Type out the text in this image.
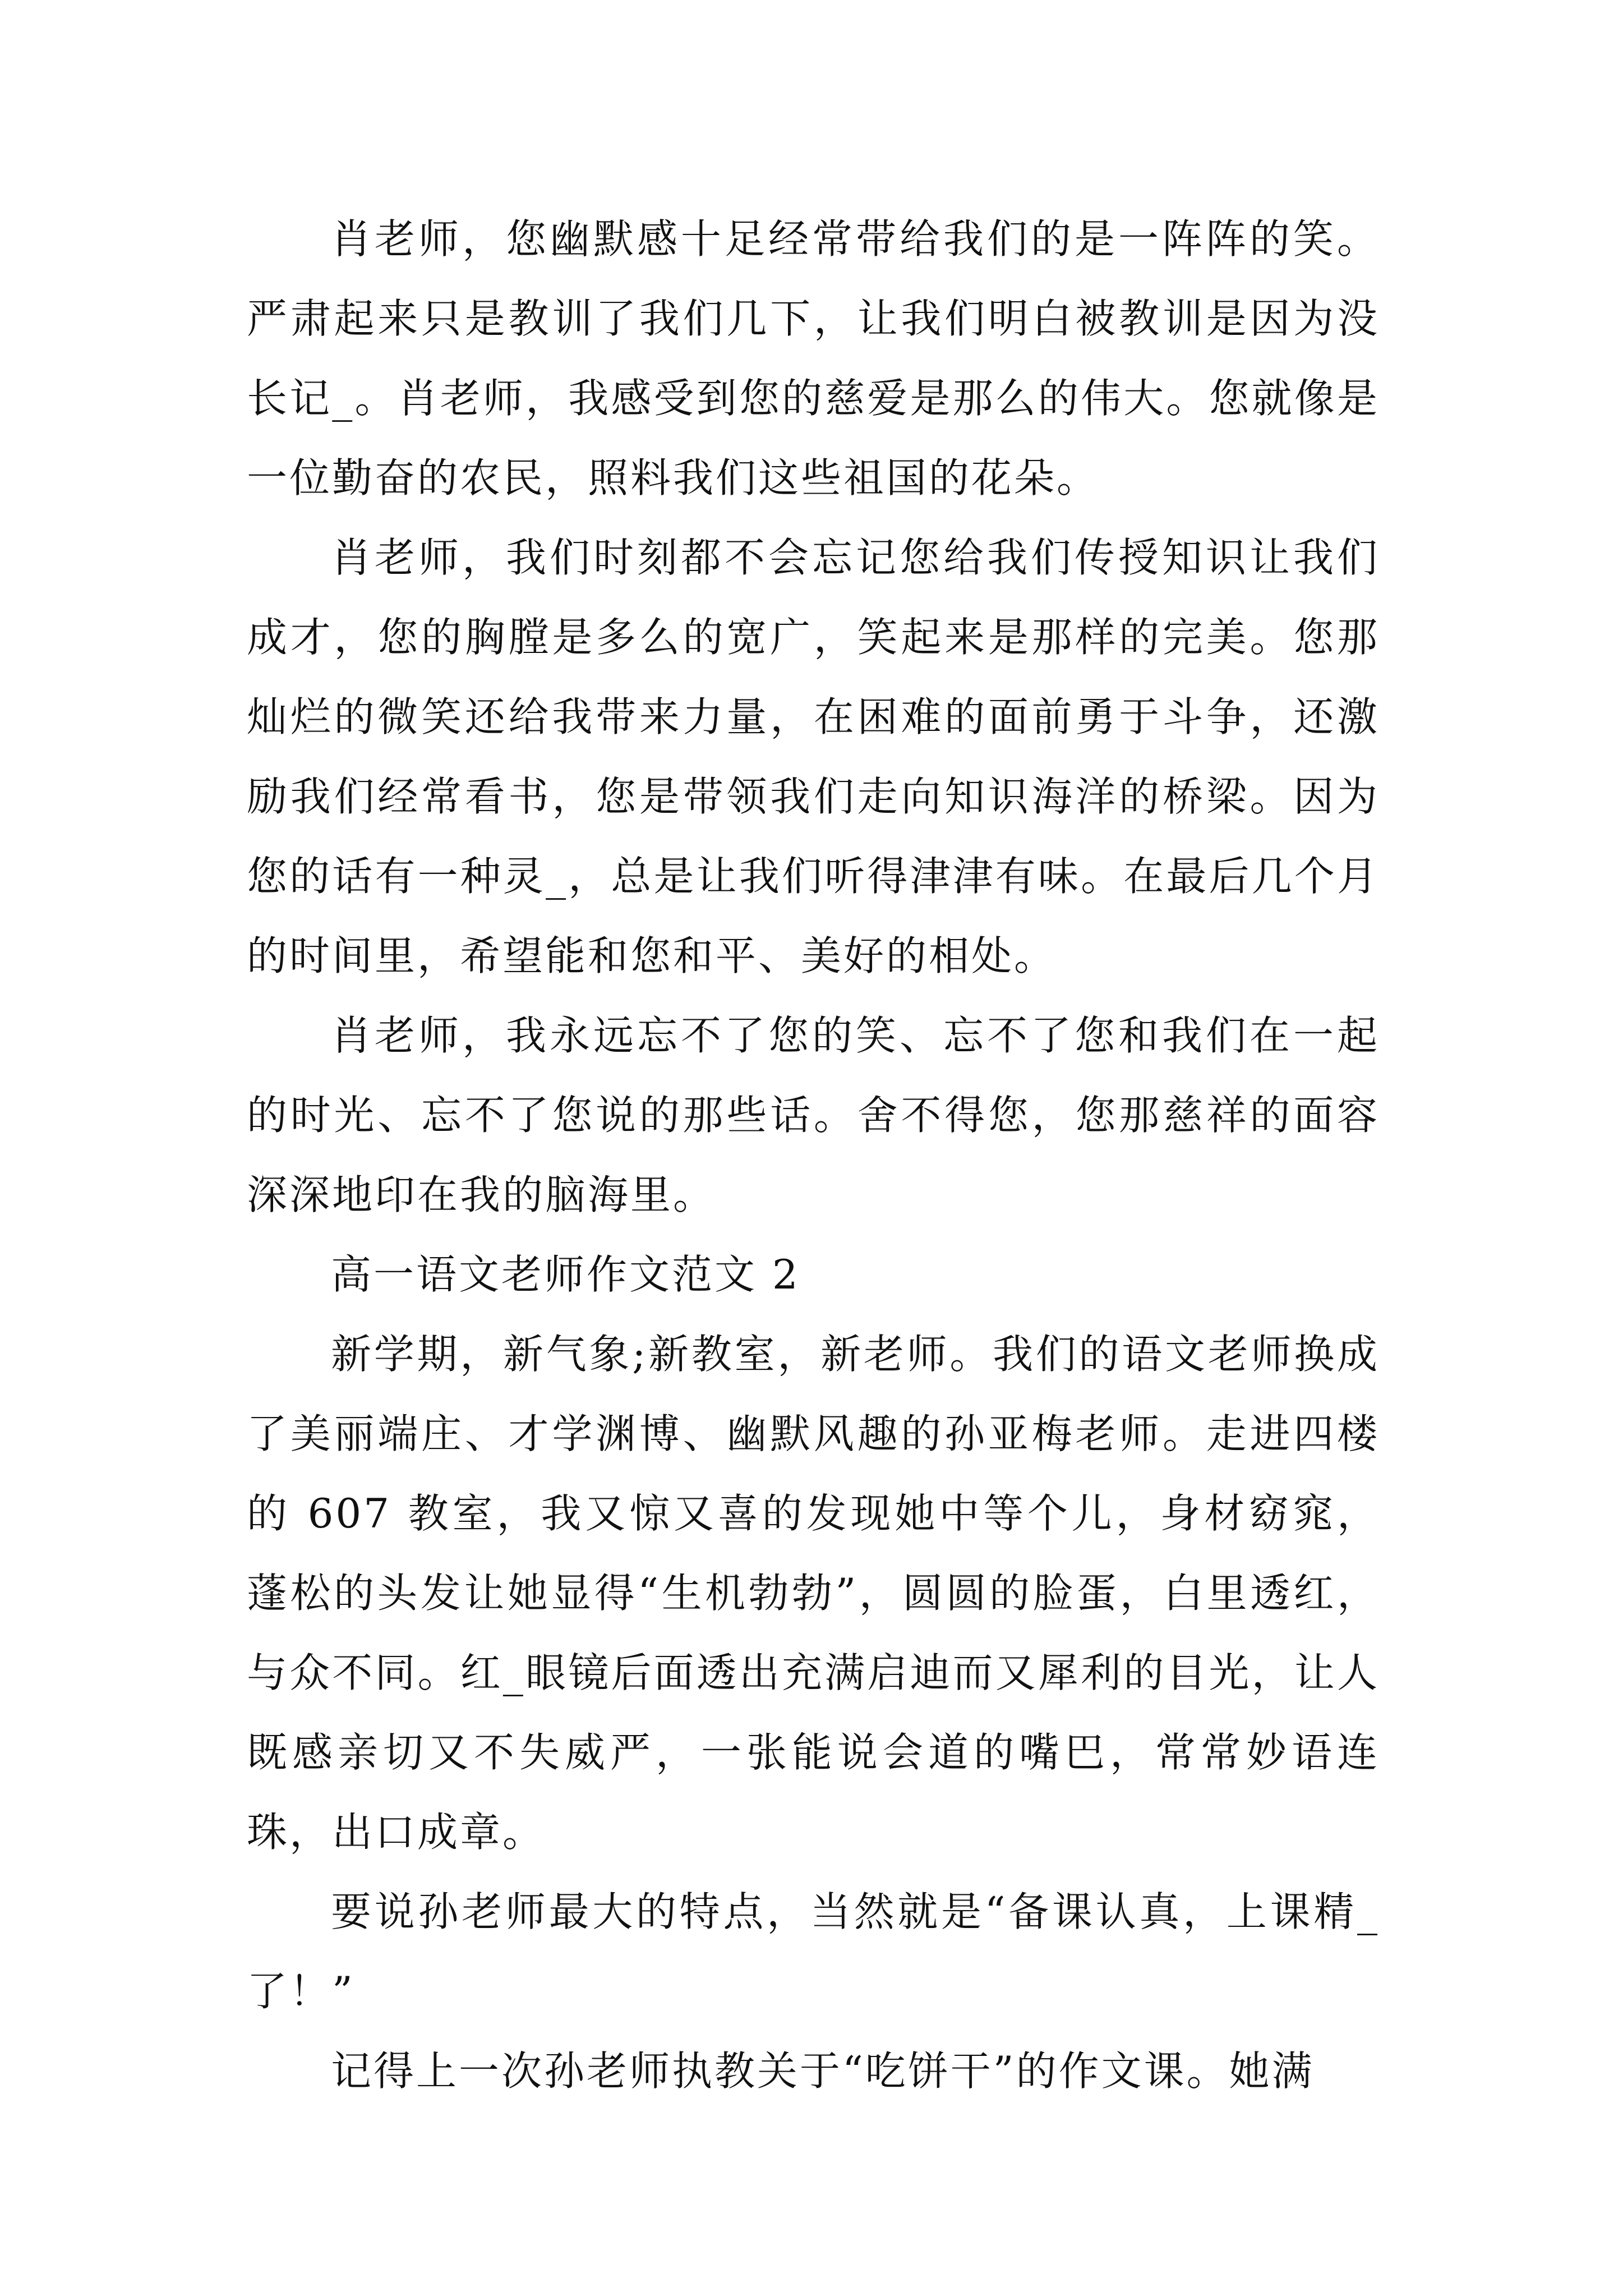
肖老师，您幽默感十足经常带给我们的是一阵阵的笑。严肃起来只是教训了我们几下，让我们明白被教训是因为没长记_。肖老师，我感受到您的慈爱是那么的伟大。您就像是一位勤奋的农民，照料我们这些祖国的花朵。

肖老师，我们时刻都不会忘记您给我们传授知识让我们成才，您的胸膛是多么的宽广，笑起来是那样的完美。您那灿烂的微笑还给我带来力量，在困难的面前勇于斗争，还激励我们经常看书，您是带领我们走向知识海洋的桥梁。因为您的话有一种灵_，总是让我们听得津津有味。在最后几个月的时间里，希望能和您和平、美好的相处。

肖老师，我永远忘不了您的笑、忘不了您和我们在一起的时光、忘不了您说的那些话。舍不得您，您那慈祥的面容深深地印在我的脑海里。

高一语文老师作文范文 2

新学期，新气象;新教室，新老师。我们的语文老师换成了美丽端庄、才学渊博、幽默风趣的孙亚梅老师。走进四楼的 607 教室，我又惊又喜的发现她中等个儿，身材窈窕，蓬松的头发让她显得“生机勃勃”，圆圆的脸蛋，白里透红，与众不同。红_眼镜后面透出充满启迪而又犀利的目光，让人既感亲切又不失威严，一张能说会道的嘴巴，常常妙语连珠，出口成章。

要说孙老师最大的特点，当然就是“备课认真，上课精_了！”

记得上一次孙老师执教关于“吃饼干”的作文课。她满
